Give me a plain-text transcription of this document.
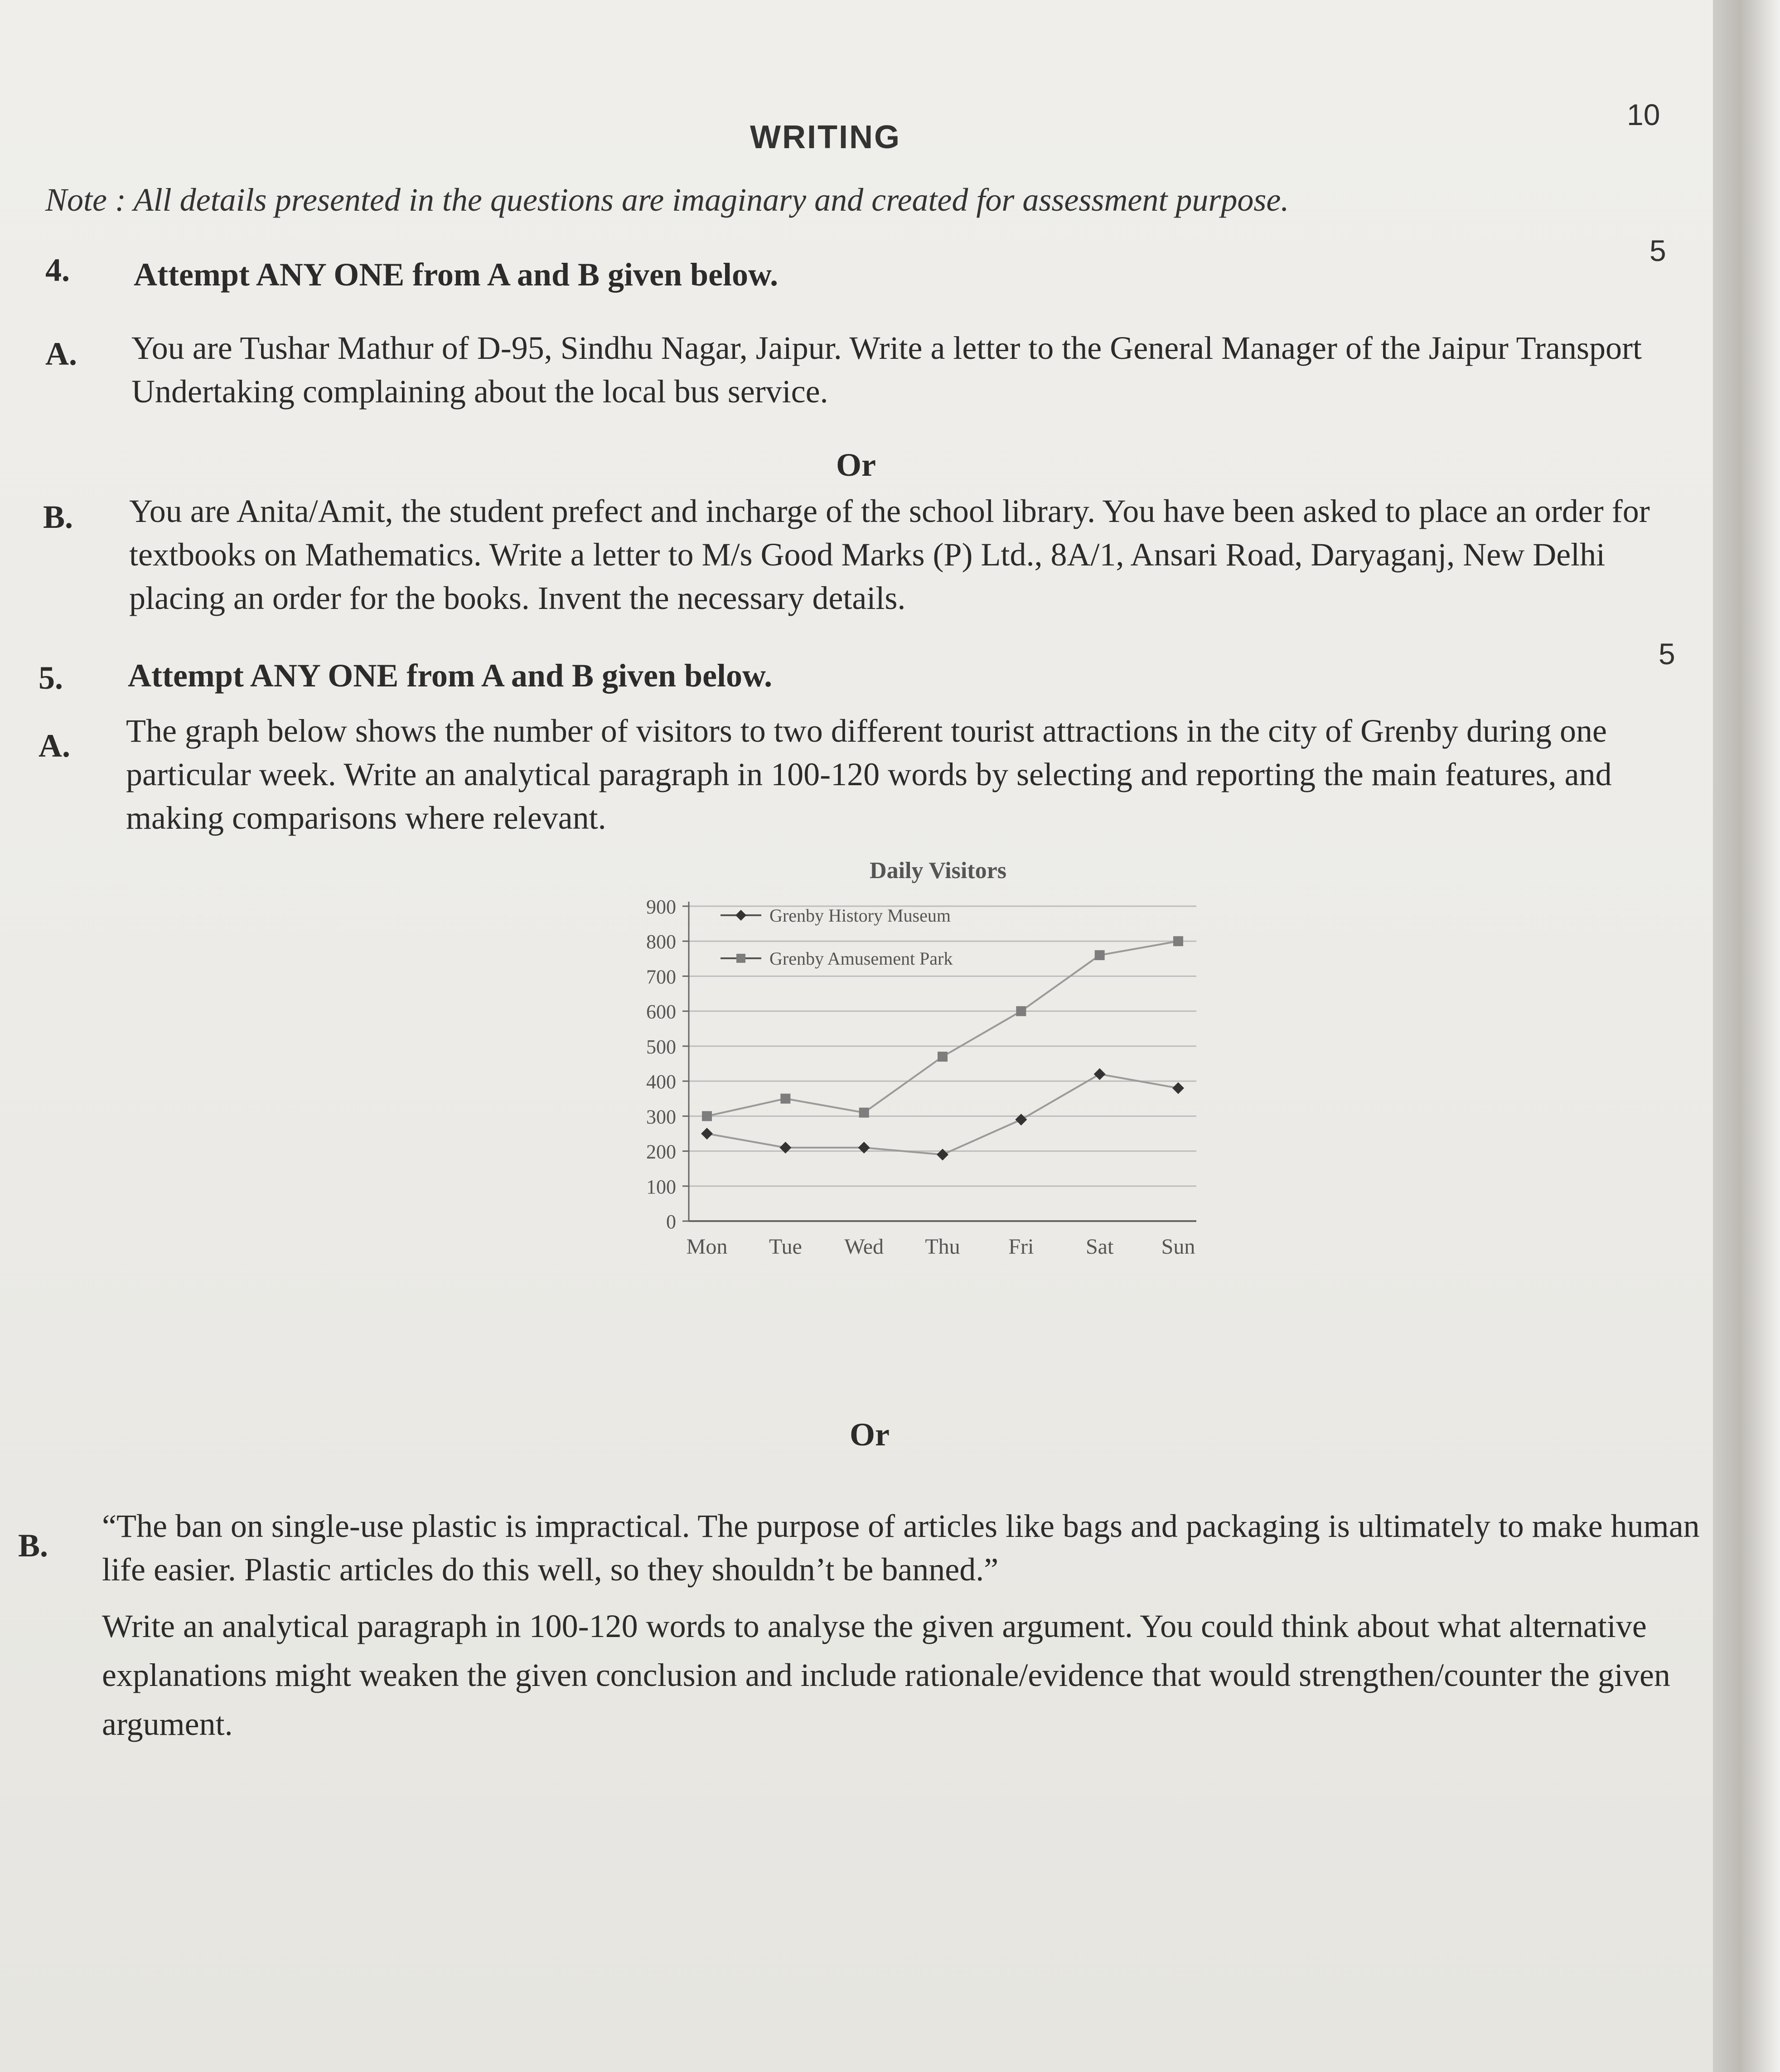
WRITING
10
Note : All details presented in the questions are imaginary and created for assessment purpose.
5
4. Attempt ANY ONE from A and B given below.
A. You are Tushar Mathur of D-95, Sindhu Nagar, Jaipur. Write a letter to the General Manager of the Jaipur Transport Undertaking complaining about the local bus service.
Or
B. You are Anita/Amit, the student prefect and incharge of the school library. You have been asked to place an order for textbooks on Mathematics. Write a letter to M/s Good Marks (P) Ltd., 8A/1, Ansari Road, Daryaganj, New Delhi placing an order for the books. Invent the necessary details.
5
5. Attempt ANY ONE from A and B given below.
A. The graph below shows the number of visitors to two different tourist attractions in the city of Grenby during one particular week. Write an analytical paragraph in 100-120 words by selecting and reporting the main features, and making comparisons where relevant.
Daily Visitors
0
100
200
300
400
500
600
700
800
900
Mon Tue Wed Thu Fri Sat Sun
Grenby History Museum
Grenby Amusement Park
Or
B.
“The ban on single-use plastic is impractical. The purpose of articles like bags and packaging is ultimately to make human life easier. Plastic articles do this well, so they shouldn’t be banned.”
Write an analytical paragraph in 100-120 words to analyse the given argument. You could think about what alternative explanations might weaken the given conclusion and include rationale/evidence that would strengthen/counter the given argument.
